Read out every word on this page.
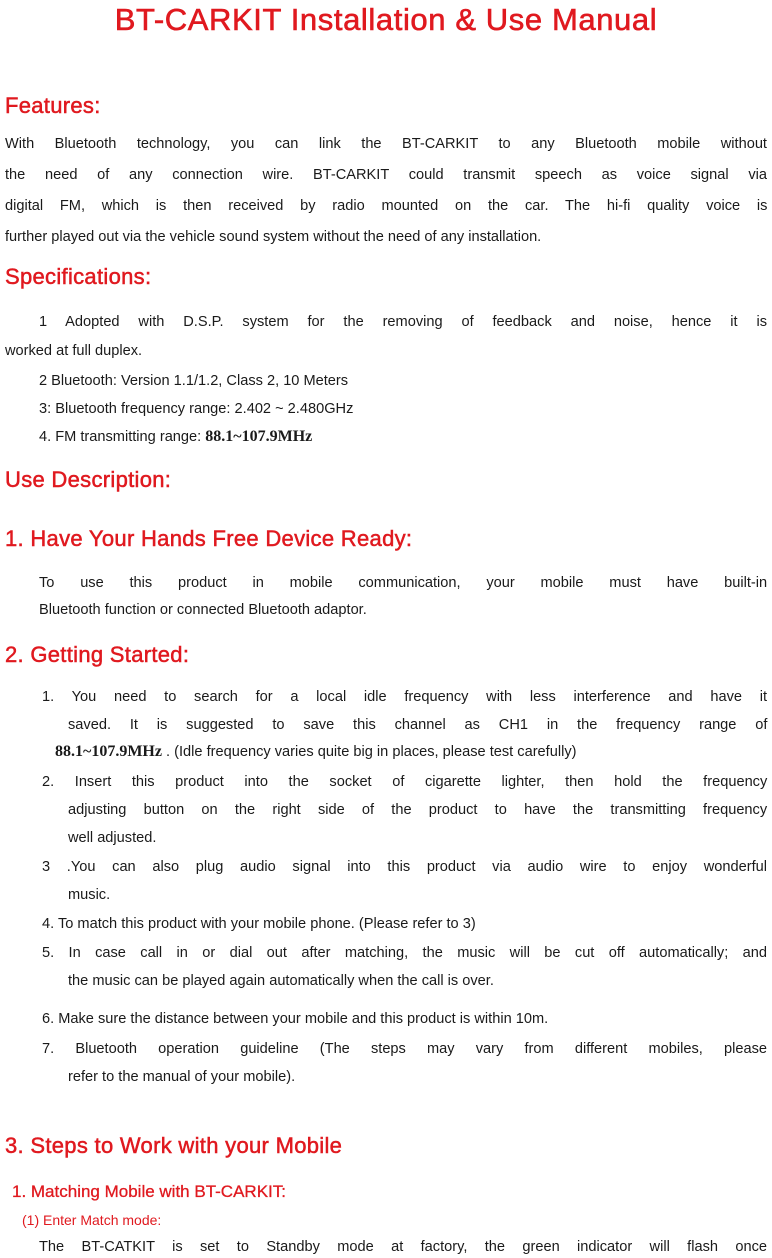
BT-CARKIT Installation & Use Manual
Features:
With Bluetooth technology, you can link the BT-CARKIT to any Bluetooth mobile without
the need of any connection wire. BT-CARKIT could transmit speech as voice signal via
digital FM, which is then received by radio mounted on the car. The hi-fi quality voice is
further played out via the vehicle sound system without the need of any installation.
Specifications:
1 Adopted with D.S.P. system for the removing of feedback and noise, hence it is
worked at full duplex.
2 Bluetooth: Version 1.1/1.2, Class 2, 10 Meters
3: Bluetooth frequency range: 2.402 ~ 2.480GHz
4. FM transmitting range: 88.1~107.9MHz
Use Description:
1. Have Your Hands Free Device Ready:
To use this product in mobile communication, your mobile must have built-in
Bluetooth function or connected Bluetooth adaptor.
2. Getting Started:
1. You need to search for a local idle frequency with less interference and have it
saved. It is suggested to save this channel as CH1 in the frequency range of
88.1~107.9MHz . (Idle frequency varies quite big in places, please test carefully)
2. Insert this product into the socket of cigarette lighter, then hold the frequency
adjusting button on the right side of the product to have the transmitting frequency
well adjusted.
3 .You can also plug audio signal into this product via audio wire to enjoy wonderful
music.
4. To match this product with your mobile phone. (Please refer to 3)
5. In case call in or dial out after matching, the music will be cut off automatically; and
the music can be played again automatically when the call is over.
6. Make sure the distance between your mobile and this product is within 10m.
7. Bluetooth operation guideline (The steps may vary from different mobiles, please
refer to the manual of your mobile).
3. Steps to Work with your Mobile
1. Matching Mobile with BT-CARKIT:
(1) Enter Match mode:
The BT-CATKIT is set to Standby mode at factory, the green indicator will flash once
